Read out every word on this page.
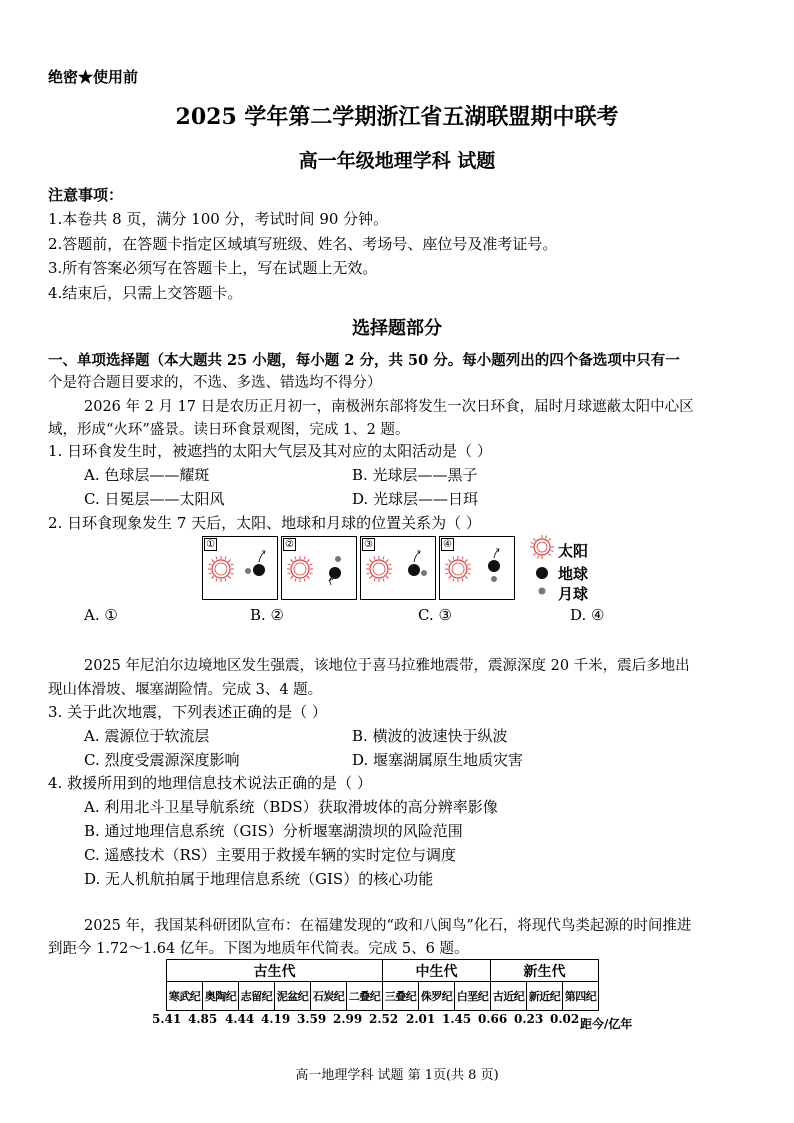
绝密★使用前
2025 学年第二学期浙江省五湖联盟期中联考
高一年级地理学科 试题
注意事项：
1.本卷共 8 页，满分 100 分，考试时间 90 分钟。
2.答题前，在答题卡指定区域填写班级、姓名、考场号、座位号及准考证号。
3.所有答案必须写在答题卡上，写在试题上无效。
4.结束后，只需上交答题卡。
选择题部分
一、单项选择题（本大题共 25 小题，每小题 2 分，共 50 分。每小题列出的四个备选项中只有一
个是符合题目要求的，不选、多选、错选均不得分）
2026 年 2 月 17 日是农历正月初一，南极洲东部将发生一次日环食，届时月球遮蔽太阳中心区
域，形成“火环”盛景。读日环食景观图，完成 1、2 题。
1. 日环食发生时，被遮挡的太阳大气层及其对应的太阳活动是（ ）
A. 色球层——耀斑	B. 光球层——黑子
C. 日冕层——太阳风	D. 光球层——日珥
2. 日环食现象发生 7 天后，太阳、地球和月球的位置关系为（ ）
①	②	③	④	太阳
地球
月球
A. ①	B. ②	C. ③	D. ④
2025 年尼泊尔边境地区发生强震，该地位于喜马拉雅地震带，震源深度 20 千米，震后多地出
现山体滑坡、堰塞湖险情。完成 3、4 题。
3. 关于此次地震，下列表述正确的是（ ）
A. 震源位于软流层	B. 横波的波速快于纵波
C. 烈度受震源深度影响	D. 堰塞湖属原生地质灾害
4. 救援所用到的地理信息技术说法正确的是（ ）
A. 利用北斗卫星导航系统（BDS）获取滑坡体的高分辨率影像
B. 通过地理信息系统（GIS）分析堰塞湖溃坝的风险范围
C. 遥感技术（RS）主要用于救援车辆的实时定位与调度
D. 无人机航拍属于地理信息系统（GIS）的核心功能
2025 年，我国某科研团队宣布：在福建发现的“政和八闽鸟”化石，将现代鸟类起源的时间推进
到距今 1.72～1.64 亿年。下图为地质年代简表。完成 5、6 题。
古生代						中生代			新生代		
寒武纪	奥陶纪	志留纪	泥盆纪	石炭纪	二叠纪	三叠纪	侏罗纪	白垩纪	古近纪	新近纪	第四纪
5.41 4.85 4.44 4.19 3.59 2.99 2.52 2.01 1.45 0.66 0.23 0.02 距今/亿年
高一地理学科 试题 第 1页(共 8 页)
